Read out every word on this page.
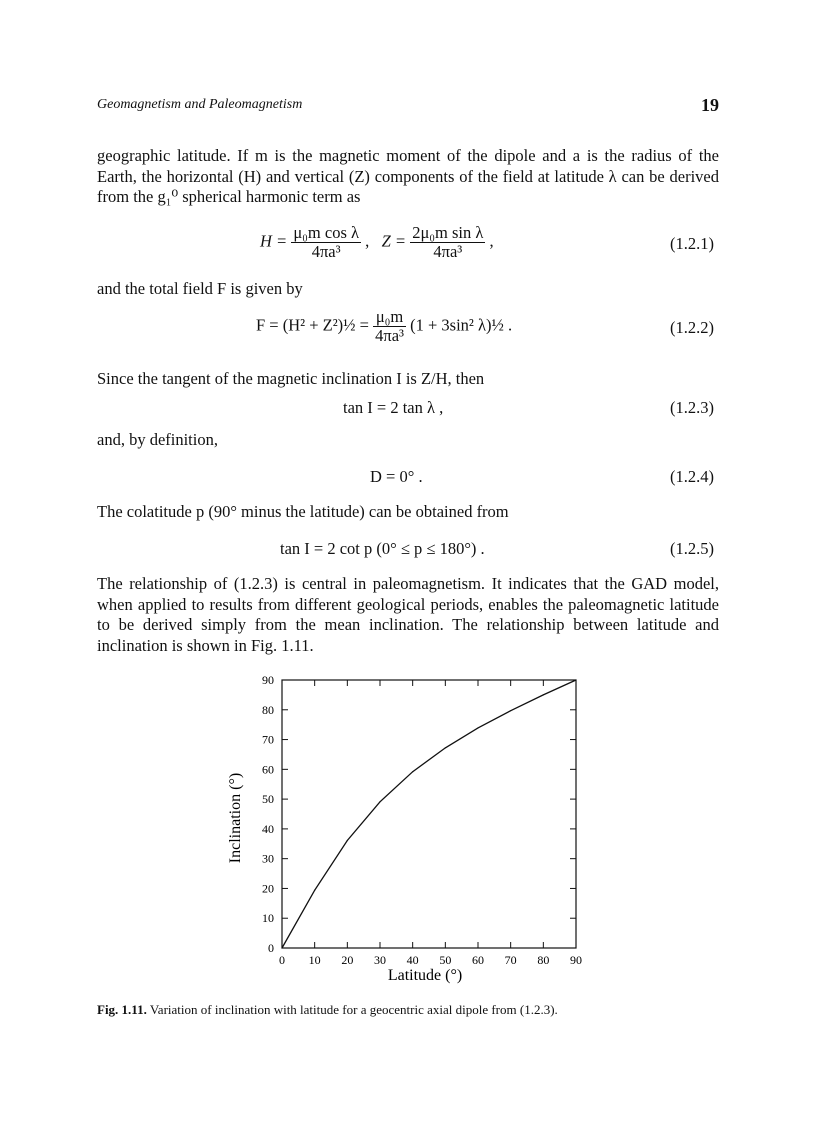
Geomagnetism and Paleomagnetism	19

geographic latitude. If m is the magnetic moment of the dipole and a is the radius of the Earth, the horizontal (H) and vertical (Z) components of the field at latitude λ can be derived from the g₁⁰ spherical harmonic term as

$H = \frac{\text{μ₀m cos λ}}{\text{4πa³}}$ , $Z = \frac{\text{2μ₀m sin λ}}{\text{4πa³}}$ ,	(1.2.1)

and the total field F is given by

F = (H² + Z²)½ = $\frac{\text{μ₀m}}{\text{4πa³}} (1 + 3\sin^2$ λ)½ .	(1.2.2)

Since the tangent of the magnetic inclination I is Z/H, then

tan I = 2 tan λ ,	(1.2.3)

and, by definition,

D = 0° .	(1.2.4)

The colatitude p (90° minus the latitude) can be obtained from

tan I = 2 cot p (0° ≤ p ≤ 180°) .	(1.2.5)

The relationship of (1.2.3) is central in paleomagnetism. It indicates that the GAD model, when applied to results from different geological periods, enables the paleomagnetic latitude to be derived simply from the mean inclination. The relationship between latitude and inclination is shown in Fig. 1.11.

0 10 20 30 40 50 60 70 80 90
0
10
20
30
40
50
60
70
80
90
Latitude (°)
Inclination (°)
Fig. 1.11. Variation of inclination with latitude for a geocentric axial dipole from (1.2.3).
